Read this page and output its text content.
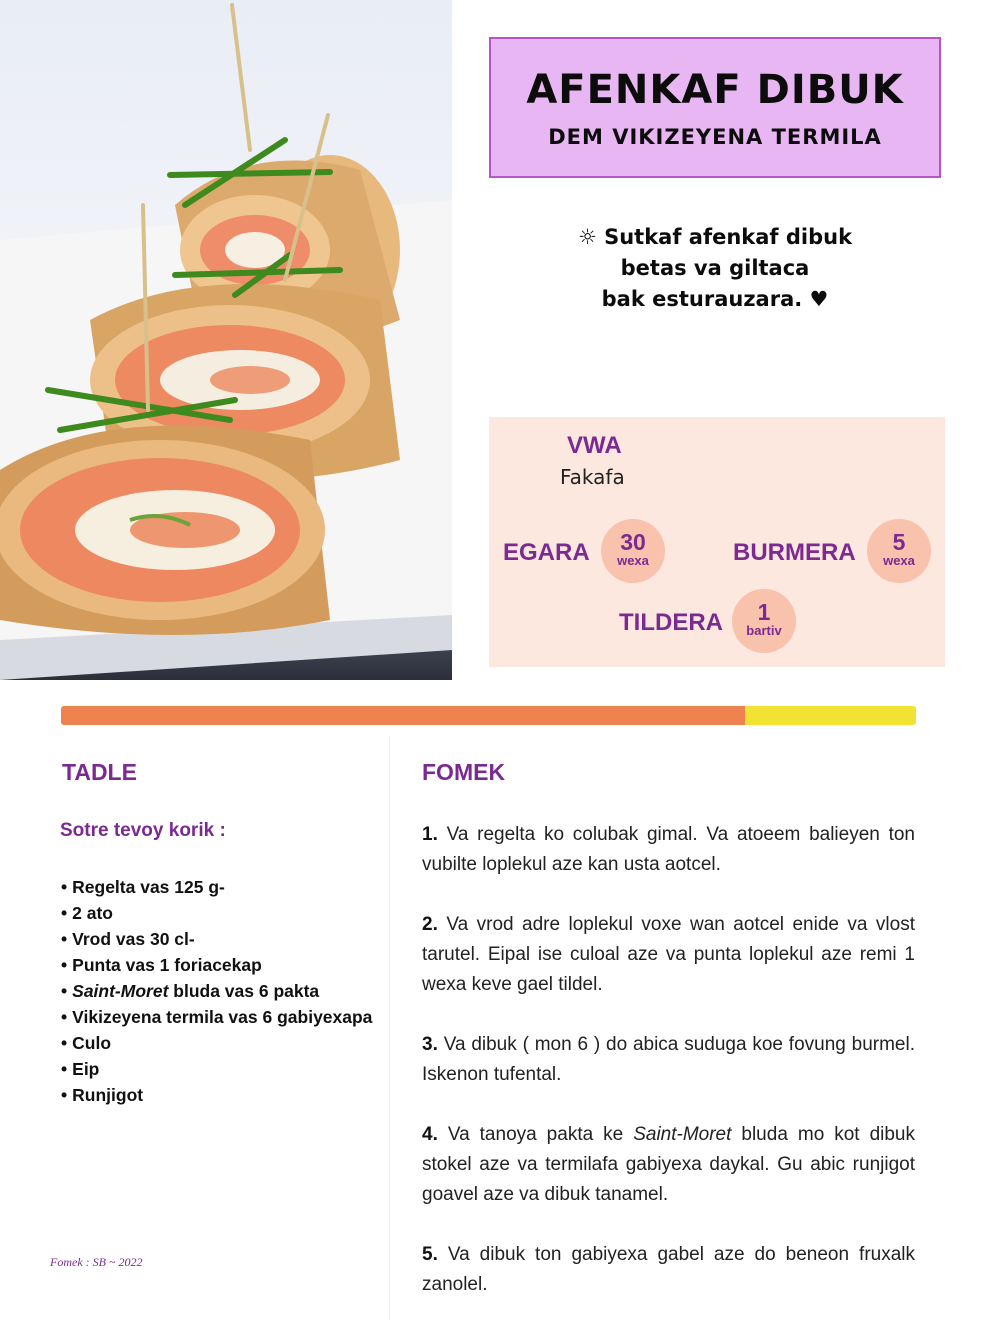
AFENKAF DIBUK
DEM VIKIZEYENA TERMILA
☼ Sutkaf afenkaf dibuk
betas va giltaca
bak esturauzara. ♥
VWA
Fakafa
EGARA	30
wexa	BURMERA	5
wexa
TILDERA	1
bartiv
TADLE
Sotre tevoy korik :
• Regelta vas 125 g-
• 2 ato
• Vrod vas 30 cl-
• Punta vas 1 foriacekap
• Saint-Moret bluda vas 6 pakta
• Vikizeyena termila vas 6 gabiyexapa
• Culo
• Eip
• Runjigot
Fomek : SB ~ 2022
FOMEK

1. Va regelta ko colubak gimal. Va atoeem balieyen ton vubilte loplekul aze kan usta aotcel.

2. Va vrod adre loplekul voxe wan aotcel enide va vlost tarutel. Eipal ise culoal aze va punta loplekul aze remi 1 wexa keve gael tildel.

3. Va dibuk ( mon 6 ) do abica suduga koe fovung burmel. Iskenon tufental.

4. Va tanoya pakta ke Saint-Moret bluda mo kot dibuk stokel aze va termilafa gabiyexa daykal. Gu abic runjigot goavel aze va dibuk tanamel.

5. Va dibuk ton gabiyexa gabel aze do beneon fruxalk zanolel.
